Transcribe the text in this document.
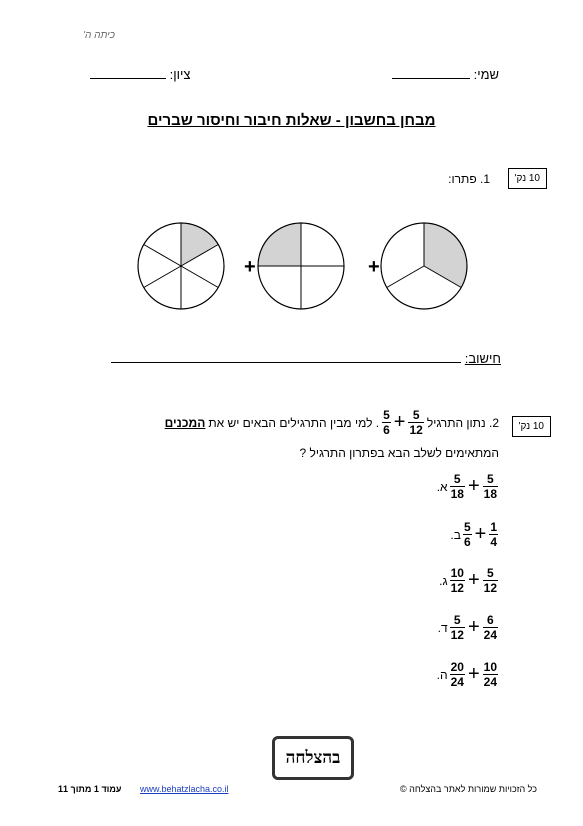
כיתה ה'
שמי:
ציון:
מבחן בחשבון - שאלות חיבור וחיסור שברים
10 נק'
1. פתרו:
+	+
חישוב:
10 נק'
2. נתון התרגיל
$\frac{5}{6} + \frac{5}{12}$
. למי מבין התרגילים הבאים יש את
המכנים
המתאימים לשלב הבא בפתרון התרגיל ?
א. $\frac{5}{18} + \frac{5}{18}$
ב. $\frac{5}{6} + \frac{1}{4}$
ג. $\frac{10}{12} + \frac{5}{12}$
ד. $\frac{5}{12} + \frac{6}{24}$
ה. $\frac{20}{24} + \frac{10}{24}$
בהצלחה
עמוד 1 מתוך 11 www.behatzlacha.co.il	כל הזכויות שמורות לאתר בהצלחה ©
